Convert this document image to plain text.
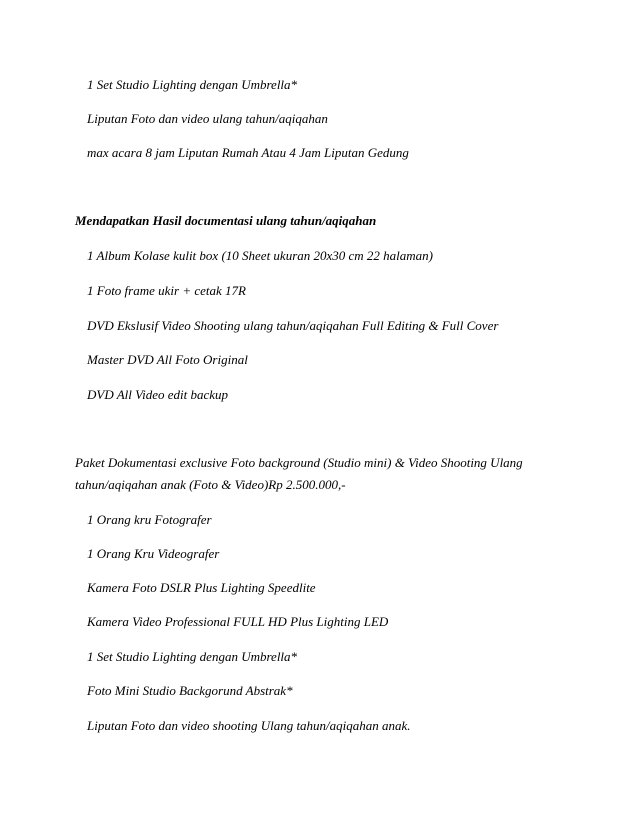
1 Set Studio Lighting dengan Umbrella*
Liputan Foto dan video ulang tahun/aqiqahan
max acara 8 jam Liputan Rumah Atau 4 Jam Liputan Gedung
Mendapatkan Hasil documentasi ulang tahun/aqiqahan
1 Album Kolase kulit box (10 Sheet ukuran 20x30 cm 22 halaman)
1 Foto frame ukir + cetak 17R
DVD Ekslusif Video Shooting ulang tahun/aqiqahan Full Editing & Full Cover
Master DVD All Foto Original
DVD All Video edit backup
Paket Dokumentasi exclusive Foto background (Studio mini) & Video Shooting Ulang
tahun/aqiqahan anak (Foto & Video)Rp 2.500.000,-
1 Orang kru Fotografer
1 Orang Kru Videografer
Kamera Foto DSLR Plus Lighting Speedlite
Kamera Video Professional FULL HD Plus Lighting LED
1 Set Studio Lighting dengan Umbrella*
Foto Mini Studio Backgorund Abstrak*
Liputan Foto dan video shooting Ulang tahun/aqiqahan anak.
